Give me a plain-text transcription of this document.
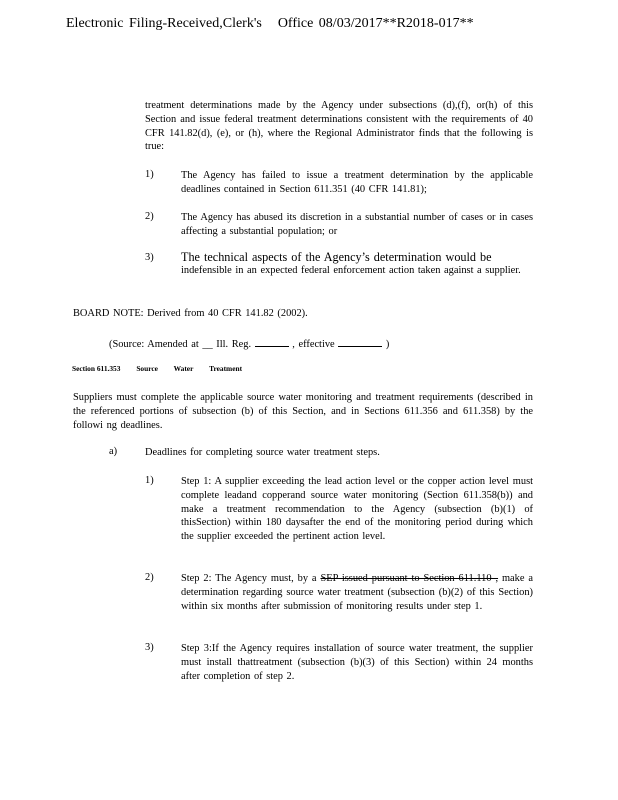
Electronic Filing-Received,Clerk's Office 08/03/2017**R2018-017**
treatment determinations made by the Agency under subsections (d),(f), or(h) of this Section and issue federal treatment determinations consistent with the requirements of 40 CFR 141.82(d), (e), or (h), where the Regional Administrator finds that the following is true:
1)	The Agency has failed to issue a treatment determination by the applicable deadlines contained in Section 611.351 (40 CFR 141.81);
2)	The Agency has abused its discretion in a substantial number of cases or in cases affecting a substantial population; or
3) The technical aspects of the Agency’s determination would be
indefensible in an expected federal enforcement action taken against a supplier.
BOARD NOTE: Derived from 40 CFR 141.82 (2002).
(Source: Amended at __ Ill. Reg.	, effective	)
Section 611.353 Source Water Treatment
Suppliers must complete the applicable source water monitoring and treatment requirements (described in the referenced portions of subsection (b) of this Section, and in Sections 611.356 and 611.358) by the followi ng deadlines.
a)	Deadlines for completing source water treatment steps.
1)	Step 1: A supplier exceeding the lead action level or the copper action level must complete leadand copperand source water monitoring (Section 611.358(b)) and make a treatment recommendation to the Agency (subsection (b)(1) of thisSection) within 180 daysafter the end of the monitoring period during which the supplier exceeded the pertinent action level.
2)	Step 2: The Agency must, by a SEP issued pursuant to Section 611.110 , make a determination regarding source water treatment (subsection (b)(2) of this Section) within six months after submission of monitoring results under step 1.
3)	Step 3:If the Agency requires installation of source water treatment, the supplier must install thattreatment (subsection (b)(3) of this Section) within 24 months after completion of step 2.
